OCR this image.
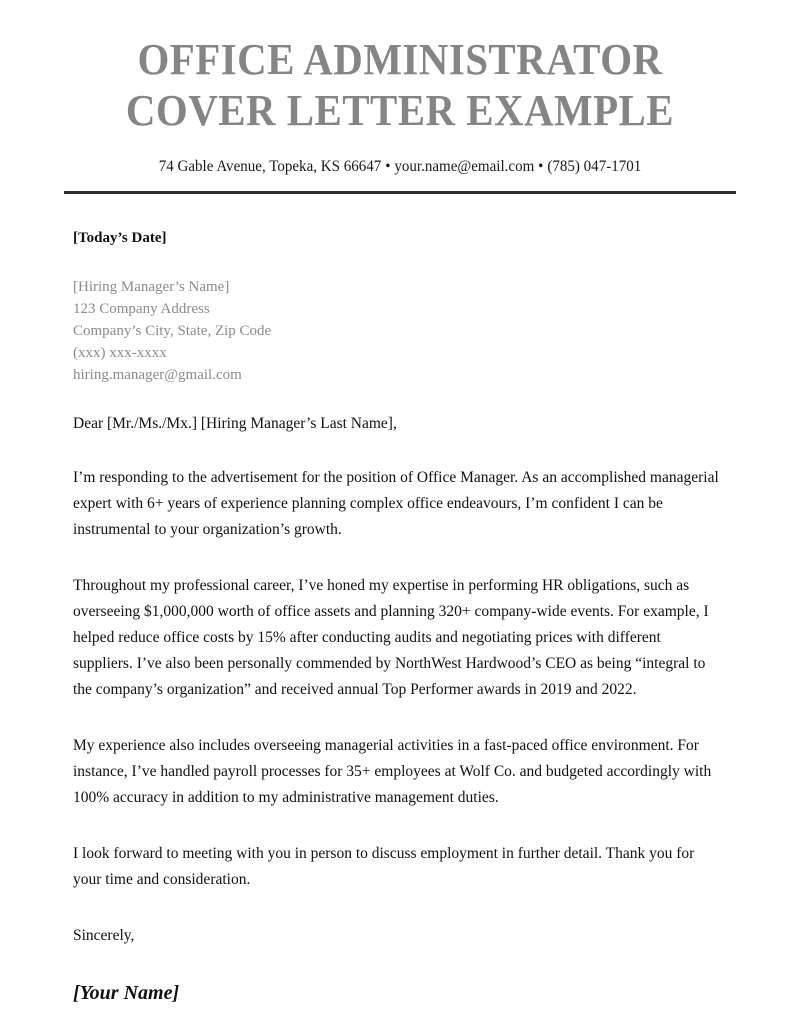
OFFICE ADMINISTRATOR COVER LETTER EXAMPLE
74 Gable Avenue, Topeka, KS 66647 • your.name@email.com • (785) 047-1701

[Today’s Date]

[Hiring Manager’s Name]
123 Company Address
Company’s City, State, Zip Code
(xxx) xxx-xxxx
hiring.manager@gmail.com

Dear [Mr./Ms./Mx.] [Hiring Manager’s Last Name],

I’m responding to the advertisement for the position of Office Manager. As an accomplished managerial expert with 6+ years of experience planning complex office endeavours, I’m confident I can be instrumental to your organization’s growth.

Throughout my professional career, I’ve honed my expertise in performing HR obligations, such as overseeing $1,000,000 worth of office assets and planning 320+ company-wide events. For example, I helped reduce office costs by 15% after conducting audits and negotiating prices with different suppliers. I’ve also been personally commended by NorthWest Hardwood’s CEO as being “integral to the company’s organization” and received annual Top Performer awards in 2019 and 2022.

My experience also includes overseeing managerial activities in a fast-paced office environment. For instance, I’ve handled payroll processes for 35+ employees at Wolf Co. and budgeted accordingly with 100% accuracy in addition to my administrative management duties.

I look forward to meeting with you in person to discuss employment in further detail. Thank you for your time and consideration.

Sincerely,

[Your Name]
